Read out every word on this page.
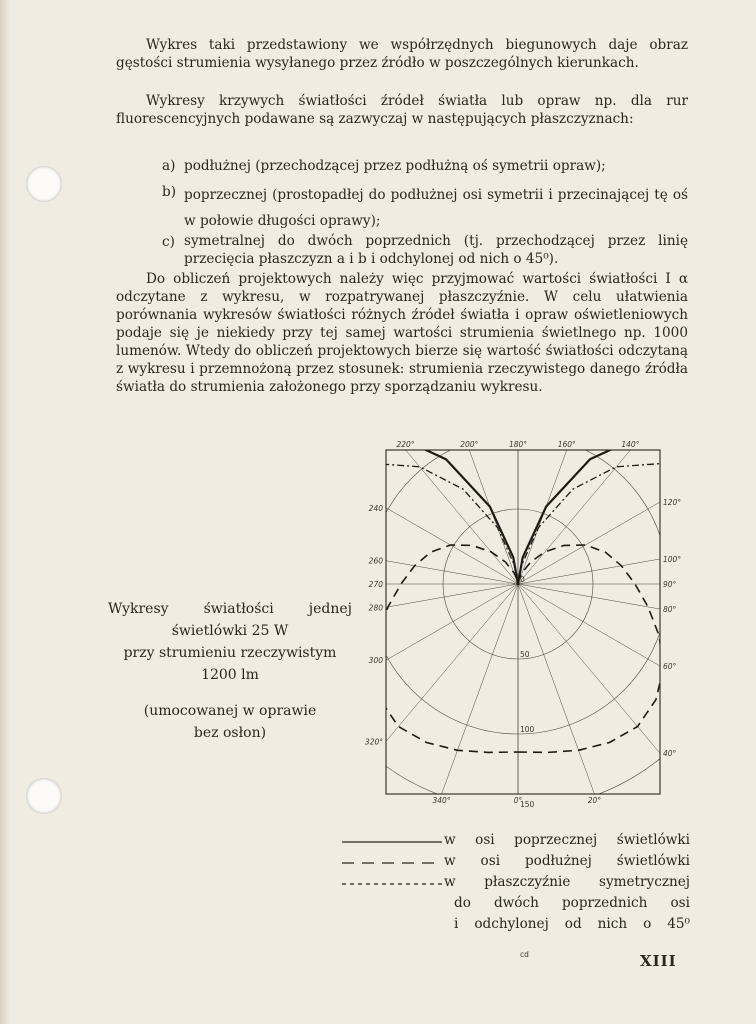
Wykres taki przedstawiony we współrzędnych biegunowych daje obraz gęstości strumienia wysyłanego przez źródło w poszczególnych kierunkach.

Wykresy krzywych światłości źródeł światła lub opraw np. dla rur fluorescencyjnych podawane są zazwyczaj w następujących płaszczyznach:

a) podłużnej (przechodzącej przez podłużną oś symetrii opraw);
b) poprzecznej (prostopadłej do podłużnej osi symetrii i przecinającej tę oś w połowie długości oprawy);
c) symetralnej do dwóch poprzednich (tj. przechodzącej przez linię przecięcia płaszczyzn a i b i odchylonej od nich o 45⁰).

Do obliczeń projektowych należy więc przyjmować wartości światłości I α odczytane z wykresu, w rozpatrywanej płaszczyźnie. W celu ułatwienia porównania wykresów światłości różnych źródeł światła i opraw oświetleniowych podaje się je niekiedy przy tej samej wartości strumienia świetlnego np. 1000 lumenów. Wtedy do obliczeń projektowych bierze się wartość światłości odczytaną z wykresu i przemnożoną przez stosunek: strumienia rzeczywistego danego źródła światła do strumienia założonego przy sporządzaniu wykresu.

220°	200°	180°	160°	140°
240
120°
260	100°
270	90°
280	80°
300
60°
320°
40°
340°	0°	20°
0
50
100
150
cd
Wykresy	światłości	jednej

świetlówki 25 W

przy strumieniu rzeczywistym

1200 lm

(umocowanej w oprawie

bez osłon)

w osi poprzecznej świetlówki
w osi podłużnej świetlówki
w płaszczyźnie symetrycznej
do dwóch poprzednich osi
i odchylonej od nich o 45⁰
XIII
